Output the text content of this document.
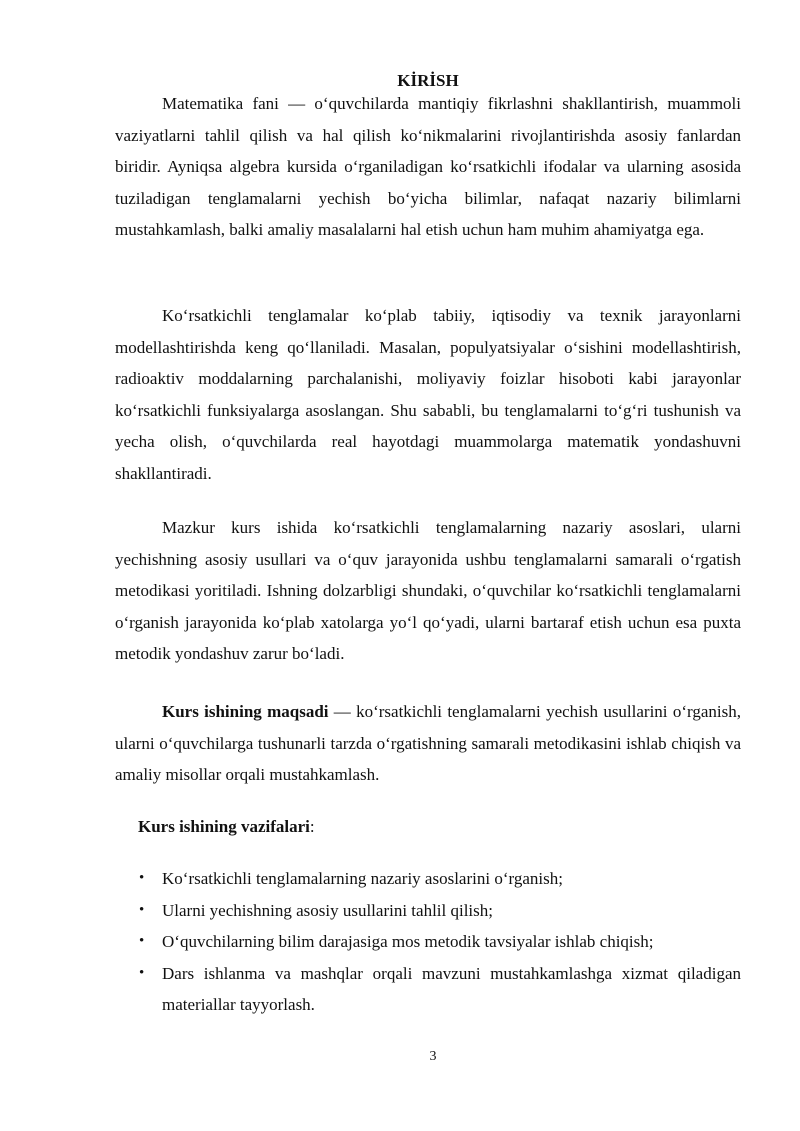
KİRİSH

Matematika fani — o‘quvchilarda mantiqiy fikrlashni shakllantirish, muammoli vaziyatlarni tahlil qilish va hal qilish ko‘nikmalarini rivojlantirishda asosiy fanlardan biridir. Ayniqsa algebra kursida o‘rganiladigan ko‘rsatkichli ifodalar va ularning asosida tuziladigan tenglamalarni yechish bo‘yicha bilimlar, nafaqat nazariy bilimlarni mustahkamlash, balki amaliy masalalarni hal etish uchun ham muhim ahamiyatga ega.

Ko‘rsatkichli tenglamalar ko‘plab tabiiy, iqtisodiy va texnik jarayonlarni modellashtirishda keng qo‘llaniladi. Masalan, populyatsiyalar o‘sishini modellashtirish, radioaktiv moddalarning parchalanishi, moliyaviy foizlar hisoboti kabi jarayonlar ko‘rsatkichli funksiyalarga asoslangan. Shu sababli, bu tenglamalarni to‘g‘ri tushunish va yecha olish, o‘quvchilarda real hayotdagi muammolarga matematik yondashuvni shakllantiradi.

Mazkur kurs ishida ko‘rsatkichli tenglamalarning nazariy asoslari, ularni yechishning asosiy usullari va o‘quv jarayonida ushbu tenglamalarni samarali o‘rgatish metodikasi yoritiladi. Ishning dolzarbligi shundaki, o‘quvchilar ko‘rsatkichli tenglamalarni o‘rganish jarayonida ko‘plab xatolarga yo‘l qo‘yadi, ularni bartaraf etish uchun esa puxta metodik yondashuv zarur bo‘ladi.

Kurs ishining maqsadi — ko‘rsatkichli tenglamalarni yechish usullarini o‘rganish, ularni o‘quvchilarga tushunarli tarzda o‘rgatishning samarali metodikasini ishlab chiqish va amaliy misollar orqali mustahkamlash.

Kurs ishining vazifalari:
• Ko‘rsatkichli tenglamalarning nazariy asoslarini o‘rganish;
• Ularni yechishning asosiy usullarini tahlil qilish;
• O‘quvchilarning bilim darajasiga mos metodik tavsiyalar ishlab chiqish;
• Dars ishlanma va mashqlar orqali mavzuni mustahkamlashga xizmat qiladigan materiallar tayyorlash.
3
